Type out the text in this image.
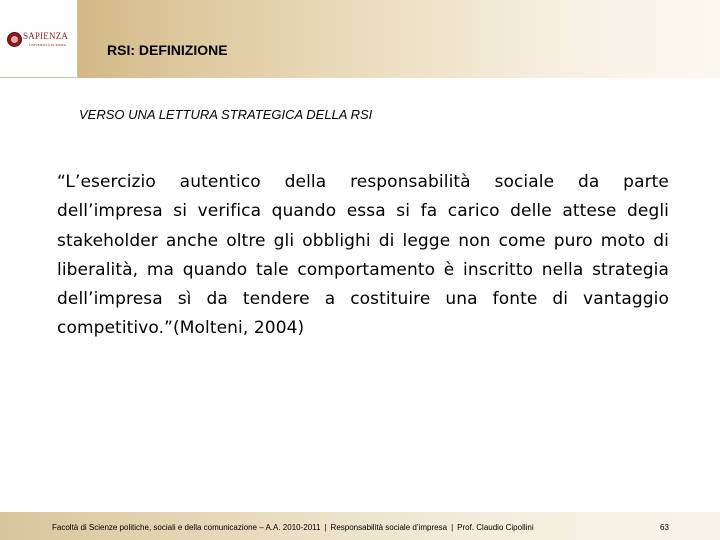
SAPIENZA
UNIVERSITÀ DI ROMA	RSI: DEFINIZIONE
VERSO UNA LETTURA STRATEGICA DELLA RSI
“L’esercizio autentico della responsabilità sociale da parte dell’impresa si verifica quando essa si fa carico delle attese degli stakeholder anche oltre gli obblighi di legge non come puro moto di liberalità, ma quando tale comportamento è inscritto nella strategia dell’impresa sì da tendere a costituire una fonte di vantaggio competitivo.”(Molteni, 2004)
Facoltà di Scienze politiche, sociali e della comunicazione – A.A. 2010-2011 | Responsabilità sociale d’impresa | Prof. Claudio Cipollini	63
